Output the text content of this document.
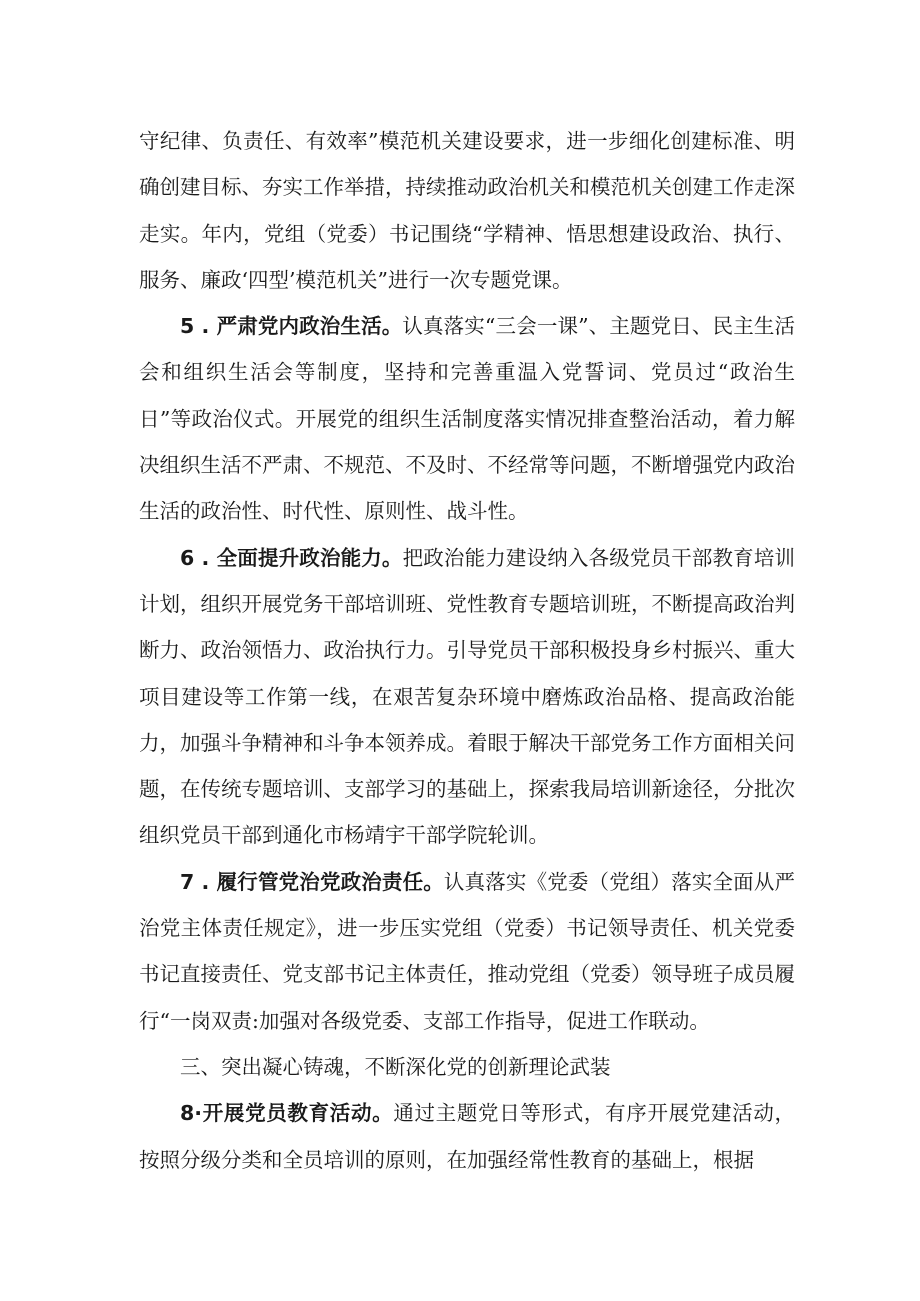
守纪律、负责任、有效率”模范机关建设要求，进一步细化创建标准、明确创建目标、夯实工作举措，持续推动政治机关和模范机关创建工作走深走实。年内，党组（党委）书记围绕“学精神、悟思想建设政治、执行、服务、廉政‘四型’模范机关”进行一次专题党课。

5 . 严肃党内政治生活。认真落实“三会一课”、主题党日、民主生活会和组织生活会等制度，坚持和完善重温入党誓词、党员过“政治生日”等政治仪式。开展党的组织生活制度落实情况排查整治活动，着力解决组织生活不严肃、不规范、不及时、不经常等问题，不断增强党内政治生活的政治性、时代性、原则性、战斗性。

6 . 全面提升政治能力。把政治能力建设纳入各级党员干部教育培训计划，组织开展党务干部培训班、党性教育专题培训班，不断提高政治判断力、政治领悟力、政治执行力。引导党员干部积极投身乡村振兴、重大项目建设等工作第一线，在艰苦复杂环境中磨炼政治品格、提高政治能力，加强斗争精神和斗争本领养成。着眼于解决干部党务工作方面相关问题，在传统专题培训、支部学习的基础上，探索我局培训新途径，分批次组织党员干部到通化市杨靖宇干部学院轮训。

7 . 履行管党治党政治责任。认真落实《党委（党组）落实全面从严治党主体责任规定》，进一步压实党组（党委）书记领导责任、机关党委书记直接责任、党支部书记主体责任，推动党组（党委）领导班子成员履行“一岗双责:加强对各级党委、支部工作指导，促进工作联动。

三、突出凝心铸魂，不断深化党的创新理论武装

8·开展党员教育活动。通过主题党日等形式，有序开展党建活动，按照分级分类和全员培训的原则，在加强经常性教育的基础上，根据
